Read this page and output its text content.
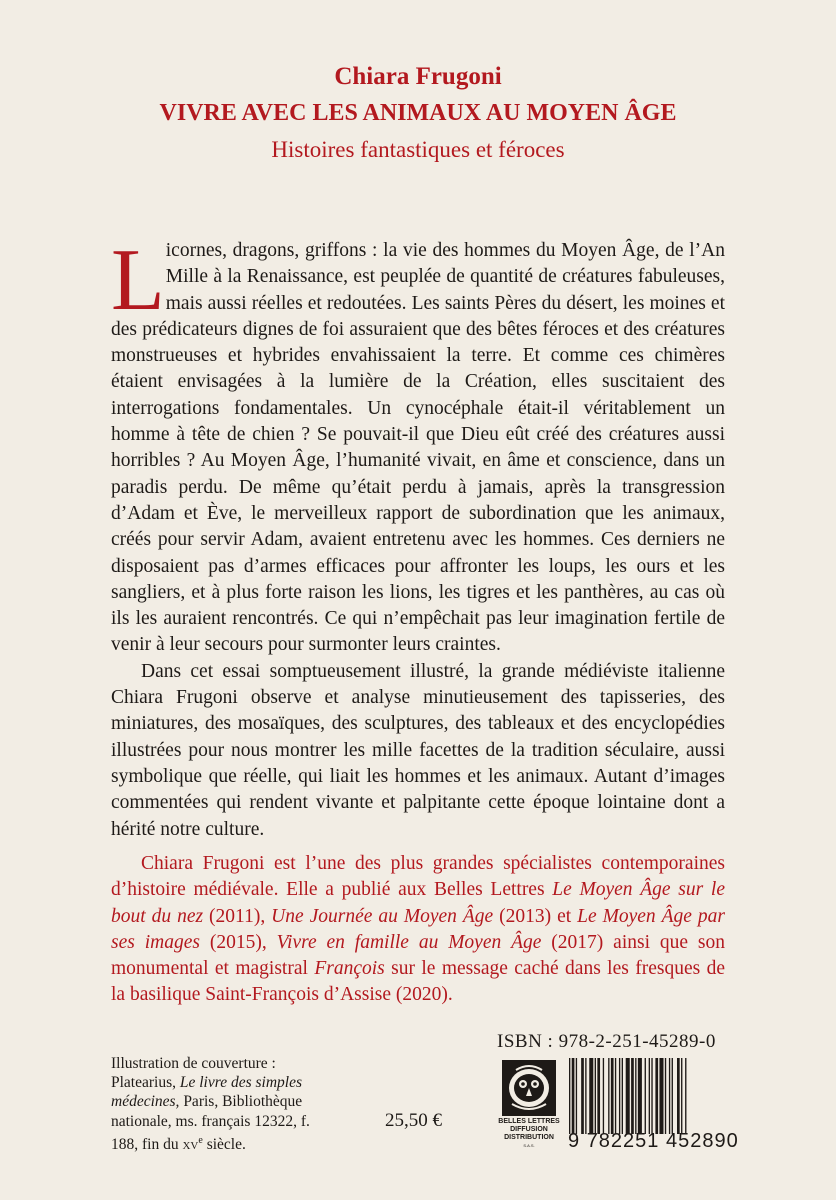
Chiara Frugoni
VIVRE AVEC LES ANIMAUX AU MOYEN ÂGE
Histoires fantastiques et féroces

Licornes, dragons, griffons : la vie des hommes du Moyen Âge, de l’An Mille à la Renaissance, est peuplée de quantité de créatures fabuleuses, mais aussi réelles et redoutées. Les saints Pères du désert, les moines et des prédicateurs dignes de foi assuraient que des bêtes féroces et des créatures monstrueuses et hybrides envahissaient la terre. Et comme ces chimères étaient envisagées à la lumière de la Création, elles suscitaient des interrogations fondamentales. Un cynocéphale était-il véritablement un homme à tête de chien ? Se pouvait-il que Dieu eût créé des créatures aussi horribles ? Au Moyen Âge, l’humanité vivait, en âme et conscience, dans un paradis perdu. De même qu’était perdu à jamais, après la transgression d’Adam et Ève, le merveilleux rapport de subordination que les animaux, créés pour servir Adam, avaient entretenu avec les hommes. Ces derniers ne disposaient pas d’armes efficaces pour affronter les loups, les ours et les sangliers, et à plus forte raison les lions, les tigres et les panthères, au cas où ils les auraient rencontrés. Ce qui n’empêchait pas leur imagination fertile de venir à leur secours pour surmonter leurs craintes.

Dans cet essai somptueusement illustré, la grande médiéviste italienne Chiara Frugoni observe et analyse minutieusement des tapisseries, des miniatures, des mosaïques, des sculptures, des tableaux et des encyclopédies illustrées pour nous montrer les mille facettes de la tradition séculaire, aussi symbolique que réelle, qui liait les hommes et les animaux. Autant d’images commentées qui rendent vivante et palpitante cette époque lointaine dont a hérité notre culture.

Chiara Frugoni est l’une des plus grandes spécialistes contemporaines d’histoire médiévale. Elle a publié aux Belles Lettres Le Moyen Âge sur le bout du nez (2011), Une Journée au Moyen Âge (2013) et Le Moyen Âge par ses images (2015), Vivre en famille au Moyen Âge (2017) ainsi que son monumental et magistral François sur le message caché dans les fresques de la basilique Saint-François d’Assise (2020).
Illustration de couverture :
Platearius, Le livre des simples médecines, Paris, Bibliothèque nationale, ms. français 12322, f. 188, fin du $xv^e$ siècle.
25,50 €
ISBN : 978-2-251-45289-0
BELLES LETTRES
DIFFUSION
DISTRIBUTION
S.A.S.	9 782251 452890
